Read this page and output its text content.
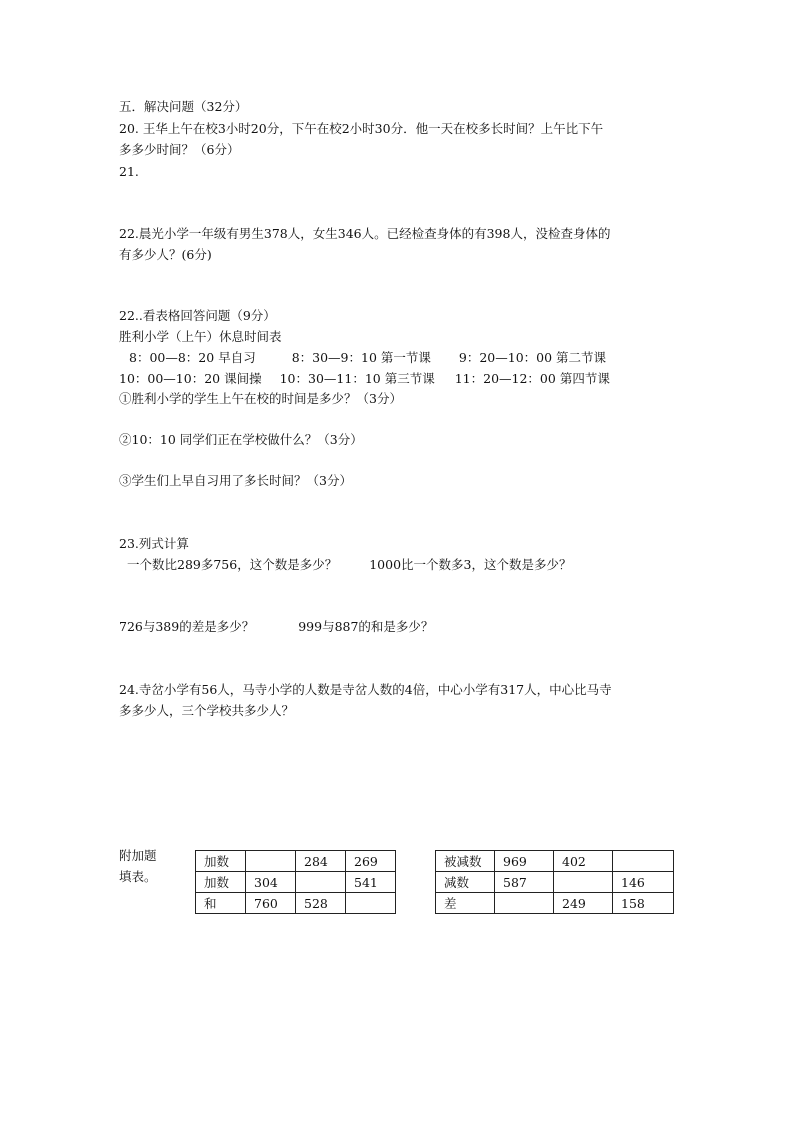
五．解决问题（32分）
20. 王华上午在校3小时20分，下午在校2小时30分．他一天在校多长时间？上午比下午
多多少时间？（6分）
21.
22.晨光小学一年级有男生378人，女生346人。已经检查身体的有398人，没检查身体的
有多少人？(6分)
22..看表格回答问题（9分）
胜利小学（上午）休息时间表
8：00—8：20 早自习	8：30—9：10 第一节课 9：20—10：00 第二节课
10：00—10：20 课间操 10：30—11：10 第三节课 11：20—12：00 第四节课
①胜利小学的学生上午在校的时间是多少？（3分）
②10：10 同学们正在学校做什么？（3分）
③学生们上早自习用了多长时间？（3分）
23.列式计算
一个数比289多756，这个数是多少？	1000比一个数多3，这个数是多少？
726与389的差是多少？	999与887的和是多少？
24.寺岔小学有56人，马寺小学的人数是寺岔人数的4倍，中心小学有317人，中心比马寺
多多少人，三个学校共多少人？
附加题
填表。
加数		284	269
加数	304		541
和	760	528	
被减数	969	402	
减数	587		146
差		249	158
